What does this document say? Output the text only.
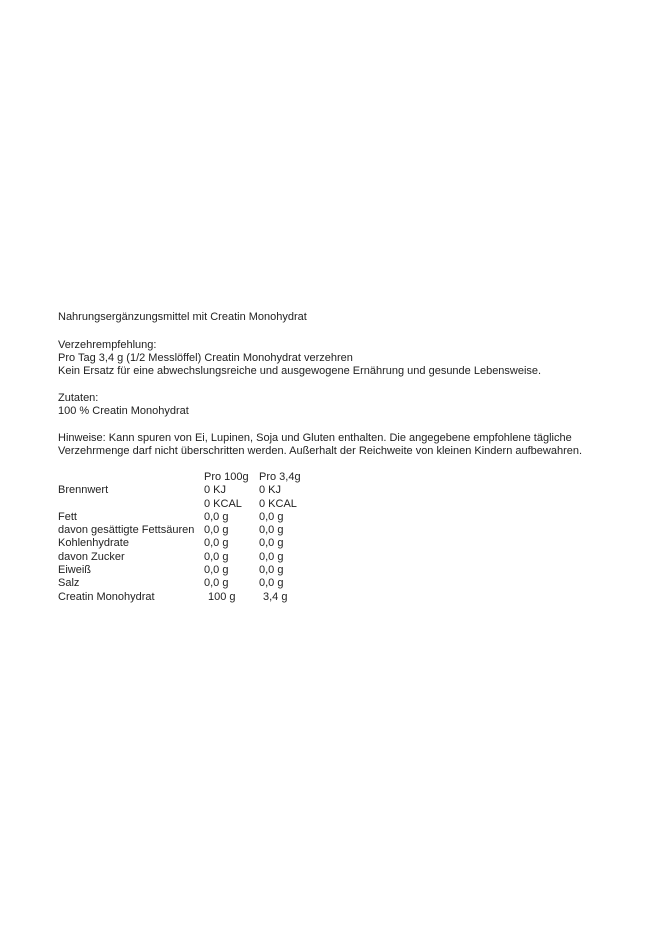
Nahrungsergänzungsmittel mit Creatin Monohydrat
Verzehrempfehlung:
Pro Tag 3,4 g (1/2 Messlöffel) Creatin Monohydrat verzehren
Kein Ersatz für eine abwechslungsreiche und ausgewogene Ernährung und gesunde Lebensweise.
Zutaten:
100 % Creatin Monohydrat
Hinweise: Kann spuren von Ei, Lupinen, Soja und Gluten enthalten. Die angegebene empfohlene tägliche
Verzehrmenge darf nicht überschritten werden. Außerhalt der Reichweite von kleinen Kindern aufbewahren.
	Pro 100g	Pro 3,4g
Brennwert	0 KJ	0 KJ
	0 KCAL	0 KCAL
Fett	0,0 g	0,0 g
davon gesättigte Fettsäuren	0,0 g	0,0 g
Kohlenhydrate	0,0 g	0,0 g
davon Zucker	0,0 g	0,0 g
Eiweiß	0,0 g	0,0 g
Salz	0,0 g	0,0 g
Creatin Monohydrat	100 g	3,4 g
